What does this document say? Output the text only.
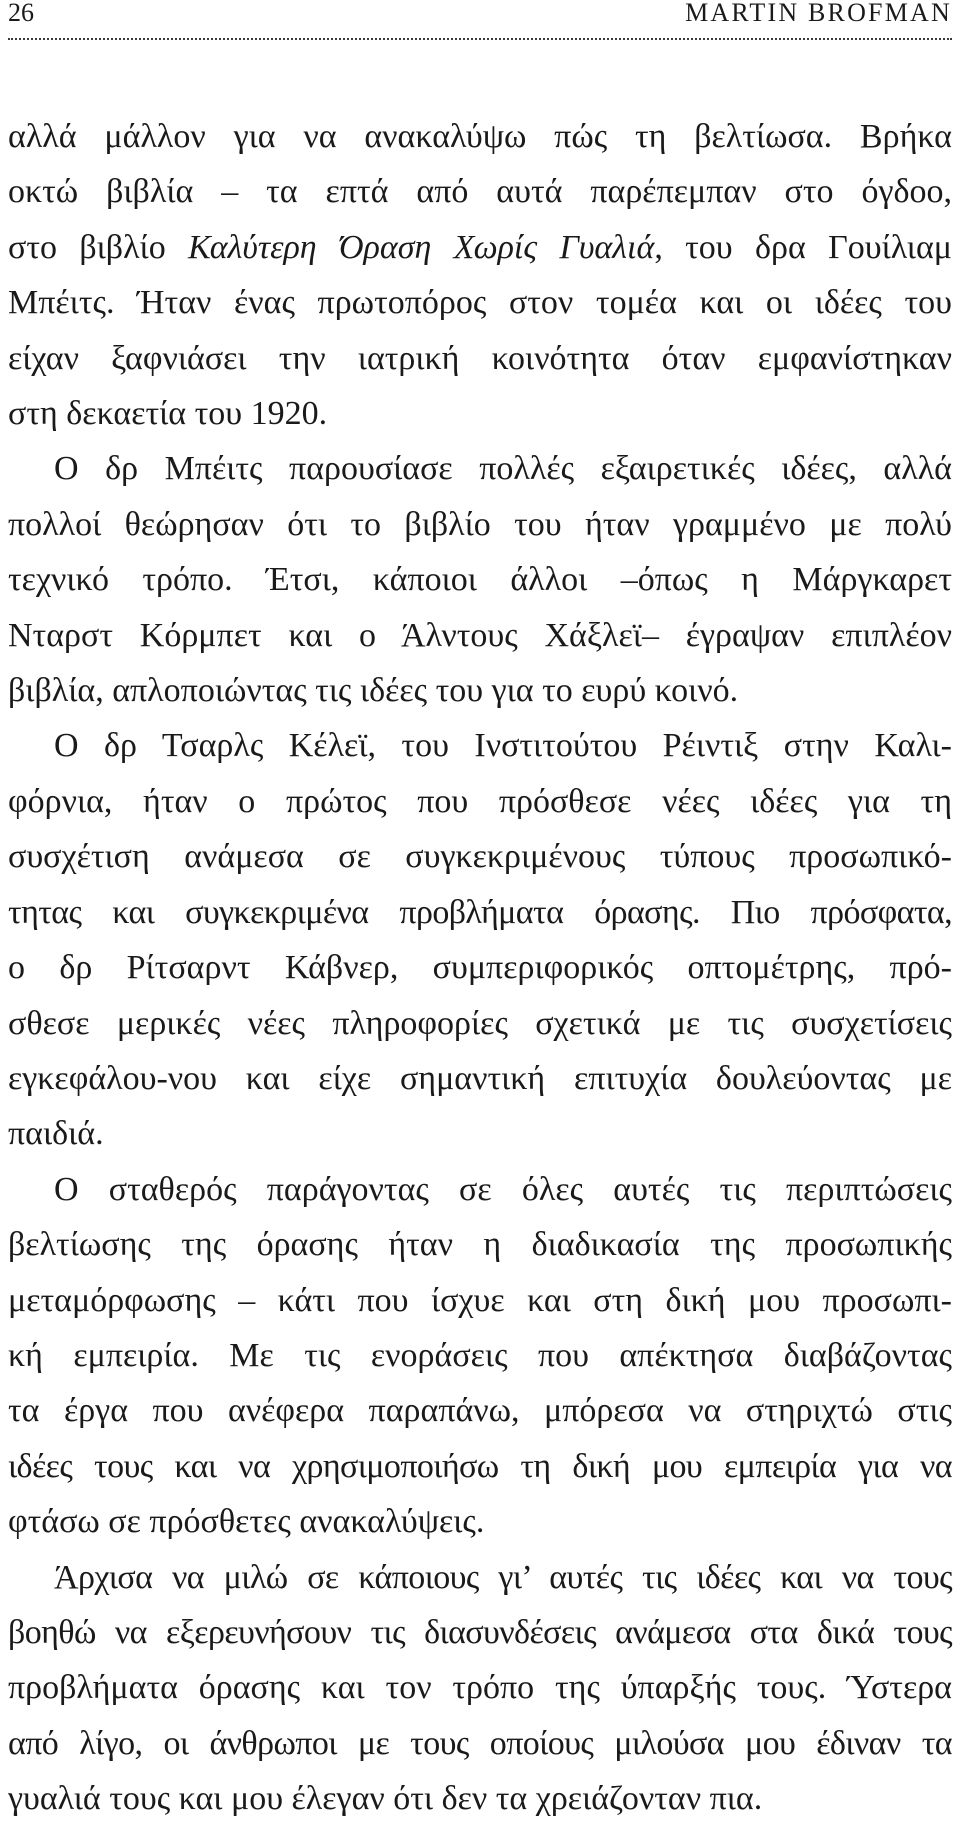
26	MARTIN BROFMAN
αλλά μάλλον για να ανακαλύψω πώς τη βελτίωσα. Βρήκα
οκτώ βιβλία – τα επτά από αυτά παρέπεμπαν στο όγδοο,
στο βιβλίο Καλύτερη Όραση Χωρίς Γυαλιά, του δρα Γουίλιαμ
Μπέιτς. Ήταν ένας πρωτοπόρος στον τομέα και οι ιδέες του
είχαν ξαφνιάσει την ιατρική κοινότητα όταν εμφανίστηκαν
στη δεκαετία του 1920.
Ο δρ Μπέιτς παρουσίασε πολλές εξαιρετικές ιδέες, αλλά
πολλοί θεώρησαν ότι το βιβλίο του ήταν γραμμένο με πολύ
τεχνικό τρόπο. Έτσι, κάποιοι άλλοι –όπως η Μάργκαρετ
Νταρστ Κόρμπετ και ο Άλντους Χάξλεϊ– έγραψαν επιπλέον
βιβλία, απλοποιώντας τις ιδέες του για το ευρύ κοινό.
Ο δρ Τσαρλς Κέλεϊ, του Ινστιτούτου Ρέιντιξ στην Καλι-
φόρνια, ήταν ο πρώτος που πρόσθεσε νέες ιδέες για τη
συσχέτιση ανάμεσα σε συγκεκριμένους τύπους προσωπικό-
τητας και συγκεκριμένα προβλήματα όρασης. Πιο πρόσφατα,
ο δρ Ρίτσαρντ Κάβνερ, συμπεριφορικός οπτομέτρης, πρό-
σθεσε μερικές νέες πληροφορίες σχετικά με τις συσχετίσεις
εγκεφάλου-νου και είχε σημαντική επιτυχία δουλεύοντας με
παιδιά.
Ο σταθερός παράγοντας σε όλες αυτές τις περιπτώσεις
βελτίωσης της όρασης ήταν η διαδικασία της προσωπικής
μεταμόρφωσης – κάτι που ίσχυε και στη δική μου προσωπι-
κή εμπειρία. Με τις ενοράσεις που απέκτησα διαβάζοντας
τα έργα που ανέφερα παραπάνω, μπόρεσα να στηριχτώ στις
ιδέες τους και να χρησιμοποιήσω τη δική μου εμπειρία για να
φτάσω σε πρόσθετες ανακαλύψεις.
Άρχισα να μιλώ σε κάποιους γι’ αυτές τις ιδέες και να τους
βοηθώ να εξερευνήσουν τις διασυνδέσεις ανάμεσα στα δικά τους
προβλήματα όρασης και τον τρόπο της ύπαρξής τους. Ύστερα
από λίγο, οι άνθρωποι με τους οποίους μιλούσα μου έδιναν τα
γυαλιά τους και μου έλεγαν ότι δεν τα χρειάζονταν πια.
